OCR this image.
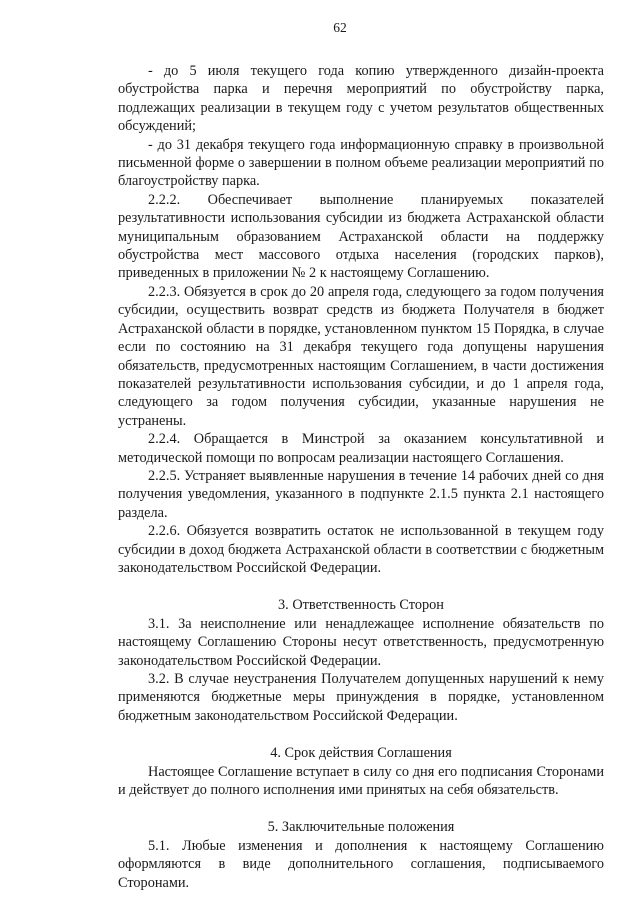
62

- до 5 июля текущего года копию утвержденного дизайн-проекта обустройства парка и перечня мероприятий по обустройству парка, подлежащих реализации в текущем году с учетом результатов общественных обсуждений;

- до 31 декабря текущего года информационную справку в произвольной письменной форме о завершении в полном объеме реализации мероприятий по благоустройству парка.

2.2.2. Обеспечивает выполнение планируемых показателей результативности использования субсидии из бюджета Астраханской области муниципальным образованием Астраханской области на поддержку обустройства мест массового отдыха населения (городских парков), приведенных в приложении № 2 к настоящему Соглашению.

2.2.3. Обязуется в срок до 20 апреля года, следующего за годом получения субсидии, осуществить возврат средств из бюджета Получателя в бюджет Астраханской области в порядке, установленном пунктом 15 Порядка, в случае если по состоянию на 31 декабря текущего года допущены нарушения обязательств, предусмотренных настоящим Соглашением, в части достижения показателей результативности использования субсидии, и до 1 апреля года, следующего за годом получения субсидии, указанные нарушения не устранены.

2.2.4. Обращается в Минстрой за оказанием консультативной и методической помощи по вопросам реализации настоящего Соглашения.

2.2.5. Устраняет выявленные нарушения в течение 14 рабочих дней со дня получения уведомления, указанного в подпункте 2.1.5 пункта 2.1 настоящего раздела.

2.2.6. Обязуется возвратить остаток не использованной в текущем году субсидии в доход бюджета Астраханской области в соответствии с бюджетным законодательством Российской Федерации.

3. Ответственность Сторон

3.1. За неисполнение или ненадлежащее исполнение обязательств по настоящему Соглашению Стороны несут ответственность, предусмотренную законодательством Российской Федерации.

3.2. В случае неустранения Получателем допущенных нарушений к нему применяются бюджетные меры принуждения в порядке, установленном бюджетным законодательством Российской Федерации.

4. Срок действия Соглашения

Настоящее Соглашение вступает в силу со дня его подписания Сторонами и действует до полного исполнения ими принятых на себя обязательств.

5. Заключительные положения

5.1. Любые изменения и дополнения к настоящему Соглашению оформляются в виде дополнительного соглашения, подписываемого Сторонами.
